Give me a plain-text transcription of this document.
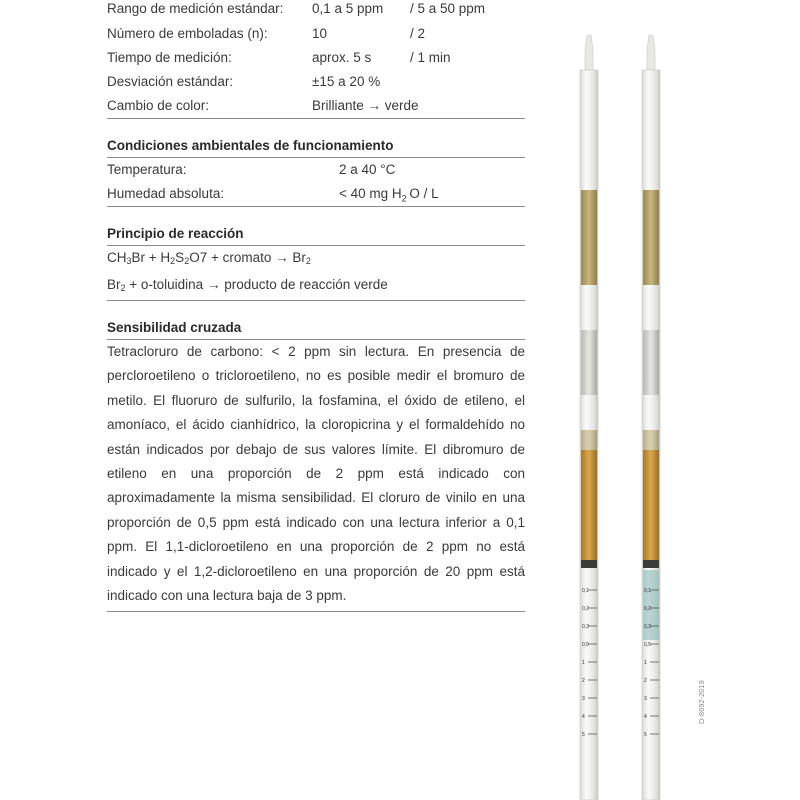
Rango de medición estándar: 0,1 a 5 ppm / 5 a 50 ppm
Número de emboladas (n):	10	/ 2
Tiempo de medición:	aprox. 5 s	/ 1 min
Desviación estándar:	±15 a 20 %
Cambio de color:	Brilliante → verde
Condiciones ambientales de funcionamiento
Temperatura:	2 a 40 °C
Humedad absoluta:	< 40 mg $H_2$  O / L
Principio de reacción
$CH_3Br + H_2S_2O7$ + cromato → $Br_2$
$Br_2$ + o-toluidina → producto de reacción verde
Sensibilidad cruzada
Tetracloruro de carbono: < 2 ppm sin lectura. En presencia de percloroetileno o tricloroetileno, no es posible medir el bromuro de metilo. El fluoruro de sulfurilo, la fosfamina, el óxido de etileno, el amoníaco, el ácido cianhídrico, la cloropicrina y el formaldehído no están indicados por debajo de sus valores límite. El dibromuro de etileno en una proporción de 2 ppm está indicado con aproximadamente la misma sensibilidad. El cloruro de vinilo en una proporción de 0,5 ppm está indicado con una lectura inferior a 0,1 ppm. El 1,1-dicloroetileno en una proporción de 2 ppm no está indicado y el 1,2-dicloroetileno en una proporción de 20 ppm está indicado con una lectura baja de 3 ppm.	0,1
0,2
0,3
0,5
1
2
3
4
5
0,1
0,2
0,3
0,5
1
2
3
4
5
D-8692-2019
